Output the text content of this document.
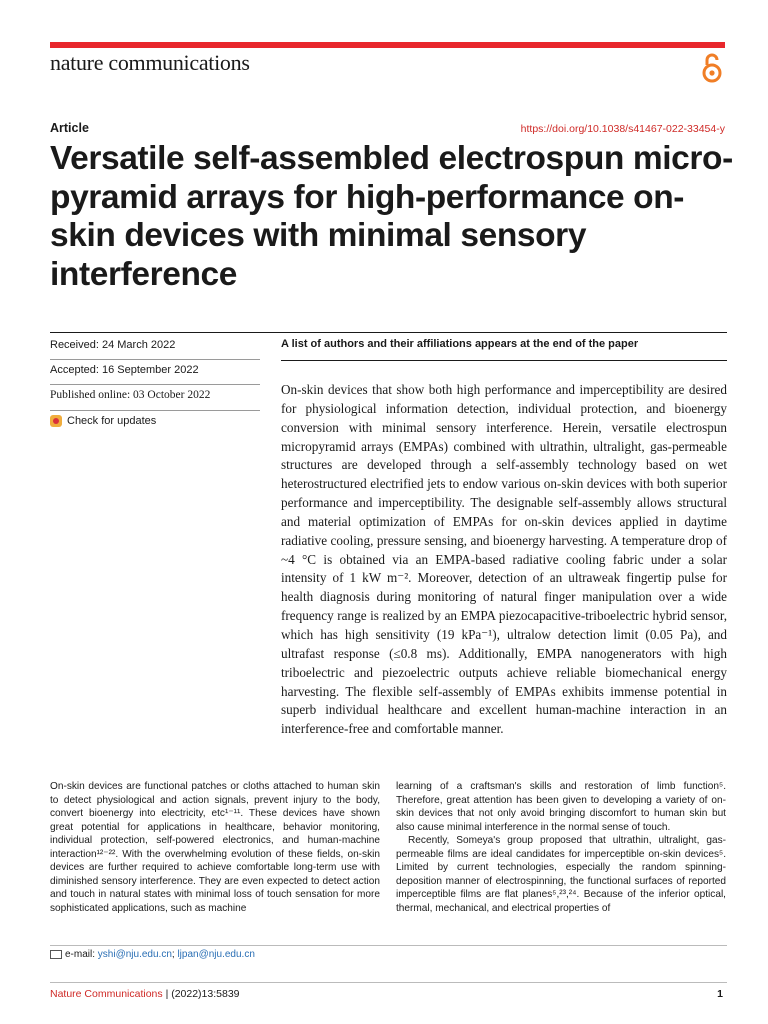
nature communications
Article	https://doi.org/10.1038/s41467-022-33454-y
Versatile self-assembled electrospun micro-pyramid arrays for high-performance on-skin devices with minimal sensory interference
Received: 24 March 2022
Accepted: 16 September 2022
Published online: 03 October 2022
Check for updates
A list of authors and their affiliations appears at the end of the paper

On-skin devices that show both high performance and imperceptibility are desired for physiological information detection, individual protection, and bioenergy conversion with minimal sensory interference. Herein, versatile electrospun micropyramid arrays (EMPAs) combined with ultrathin, ultralight, gas-permeable structures are developed through a self-assembly technology based on wet heterostructured electrified jets to endow various on-skin devices with both superior performance and imperceptibility. The designable self-assembly allows structural and material optimization of EMPAs for on-skin devices applied in daytime radiative cooling, pressure sensing, and bioenergy harvesting. A temperature drop of ~4 °C is obtained via an EMPA-based radiative cooling fabric under a solar intensity of 1 kW m⁻². Moreover, detection of an ultraweak fingertip pulse for health diagnosis during monitoring of natural finger manipulation over a wide frequency range is realized by an EMPA piezocapacitive-triboelectric hybrid sensor, which has high sensitivity (19 kPa⁻¹), ultralow detection limit (0.05 Pa), and ultrafast response (≤0.8 ms). Additionally, EMPA nanogenerators with high triboelectric and piezoelectric outputs achieve reliable biomechanical energy harvesting. The flexible self-assembly of EMPAs exhibits immense potential in superb individual healthcare and excellent human-machine interaction in an interference-free and comfortable manner.

On-skin devices are functional patches or cloths attached to human skin to detect physiological and action signals, prevent injury to the body, convert bioenergy into electricity, etc¹⁻¹¹. These devices have shown great potential for applications in healthcare, behavior monitoring, individual protection, self-powered electronics, and human-machine interaction¹²⁻²². With the overwhelming evolution of these fields, on-skin devices are further required to achieve comfortable long-term use with diminished sensory interference. They are even expected to detect action and touch in natural states with minimal loss of touch sensation for more sophisticated applications, such as machine

learning of a craftsman's skills and restoration of limb function⁵. Therefore, great attention has been given to developing a variety of on-skin devices that not only avoid bringing discomfort to human skin but also cause minimal interference in the normal sense of touch.

Recently, Someya's group proposed that ultrathin, ultralight, gas-permeable films are ideal candidates for imperceptible on-skin devices⁵. Limited by current technologies, especially the random spinning-deposition manner of electrospinning, the functional surfaces of reported imperceptible films are flat planes⁵,²³,²⁴. Because of the inferior optical, thermal, mechanical, and electrical properties of

e-mail:
yshi@nju.edu.cn ;
ljpan@nju.edu.cn
Nature Communications | (2022)13:5839	1
